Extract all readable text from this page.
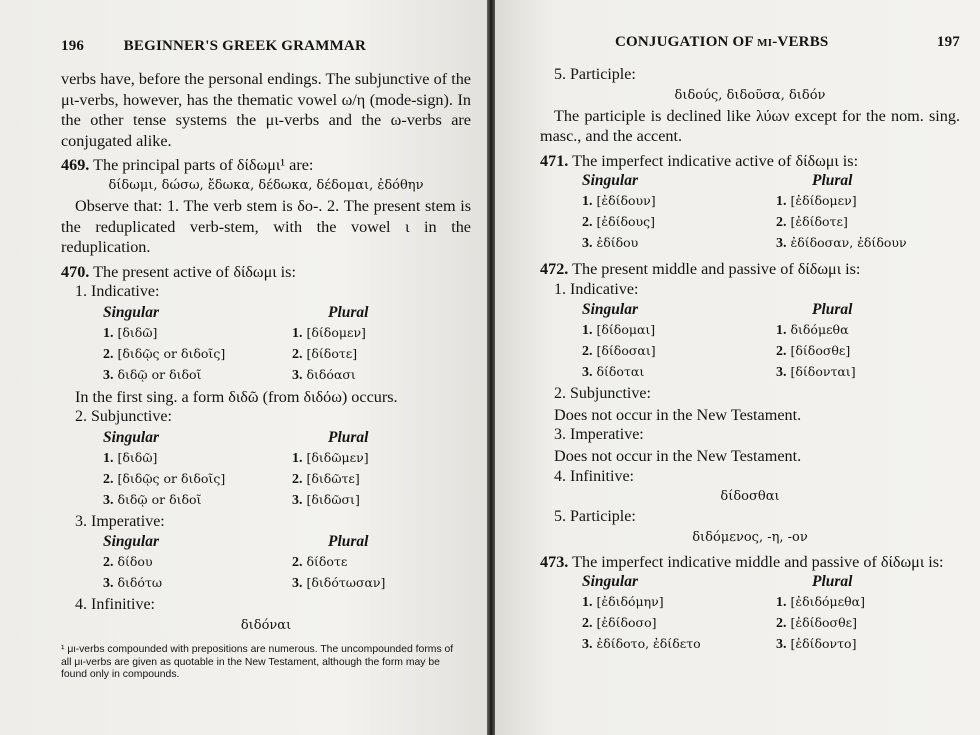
196	BEGINNER'S GREEK GRAMMAR

verbs have, before the personal endings. The subjunctive of the μι-verbs, however, has the thematic vowel ω/η (mode-sign). In the other tense systems the μι-verbs and the ω-verbs are conjugated alike.

469. The principal parts of δίδωμι¹ are:

δίδωμι, δώσω, ἔδωκα, δέδωκα, δέδομαι, ἐδόθην

Observe that: 1. The verb stem is δο-. 2. The present stem is the reduplicated verb-stem, with the vowel ι in the reduplication.

470. The present active of δίδωμι is:

1. Indicative:
Singular	Plural
1. [διδῶ]	1. [δίδομεν]
2. [διδῷς or διδοῖς]	2. [δίδοτε]
3. διδῷ or διδοῖ	3. διδόασι

In the first sing. a form διδῶ (from διδόω) occurs.

2. Subjunctive:
Singular	Plural
1. [διδῶ]	1. [διδῶμεν]
2. [διδῷς or διδοῖς]	2. [διδῶτε]
3. διδῷ or διδοῖ	3. [διδῶσι]
3. Imperative:
Singular	Plural
2. δίδου	2. δίδοτε
3. διδότω	3. [διδότωσαν]
4. Infinitive:
διδόναι
¹ μι-verbs compounded with prepositions are numerous. The uncompounded forms of all μι-verbs are given as quotable in the New Testament, although the form may be found only in compounds.
CONJUGATION OF μι-VERBS	197
5. Participle:
διδούς, διδοῦσα, διδόν

The participle is declined like λύων except for the nom. sing. masc., and the accent.

471. The imperfect indicative active of δίδωμι is:

Singular	Plural
1. [ἐδίδουν]	1. [ἐδίδομεν]
2. [ἐδίδους]	2. [ἐδίδοτε]
3. ἐδίδου	3. ἐδίδοσαν, ἐδίδουν

472. The present middle and passive of δίδωμι is:

1. Indicative:
Singular	Plural
1. [δίδομαι]	1. διδόμεθα
2. [δίδοσαι]	2. [δίδοσθε]
3. δίδοται	3. [δίδονται]
2. Subjunctive:

Does not occur in the New Testament.

3. Imperative:

Does not occur in the New Testament.

4. Infinitive:
δίδοσθαι
5. Participle:
διδόμενος, -η, -ον

473. The imperfect indicative middle and passive of δίδωμι is:

Singular	Plural
1. [ἐδιδόμην]	1. [ἐδιδόμεθα]
2. [ἐδίδοσο]	2. [ἐδίδοσθε]
3. ἐδίδοτο, ἐδίδετο	3. [ἐδίδοντο]
